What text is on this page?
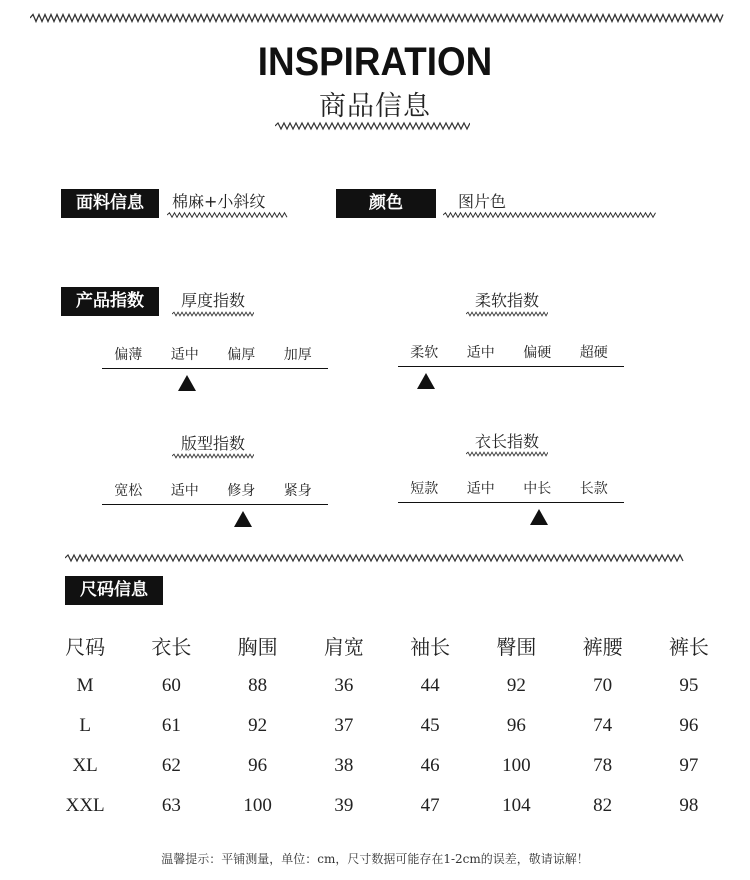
INSPIRATION
商品信息
面料信息	棉麻+小斜纹	颜色	图片色
产品指数	厚度指数
偏薄 适中 偏厚 加厚
柔软指数
柔软 适中 偏硬 超硬
版型指数
宽松 适中 修身 紧身
衣长指数
短款 适中 中长 长款
尺码信息
尺码	衣长	胸围	肩宽	袖长	臀围	裤腰	裤长
M	60	88	36	44	92	70	95
L	61	92	37	45	96	74	96
XL	62	96	38	46	100	78	97
XXL	63	100	39	47	104	82	98
温馨提示：平铺测量，单位：cm，尺寸数据可能存在1-2cm的误差，敬请谅解！
